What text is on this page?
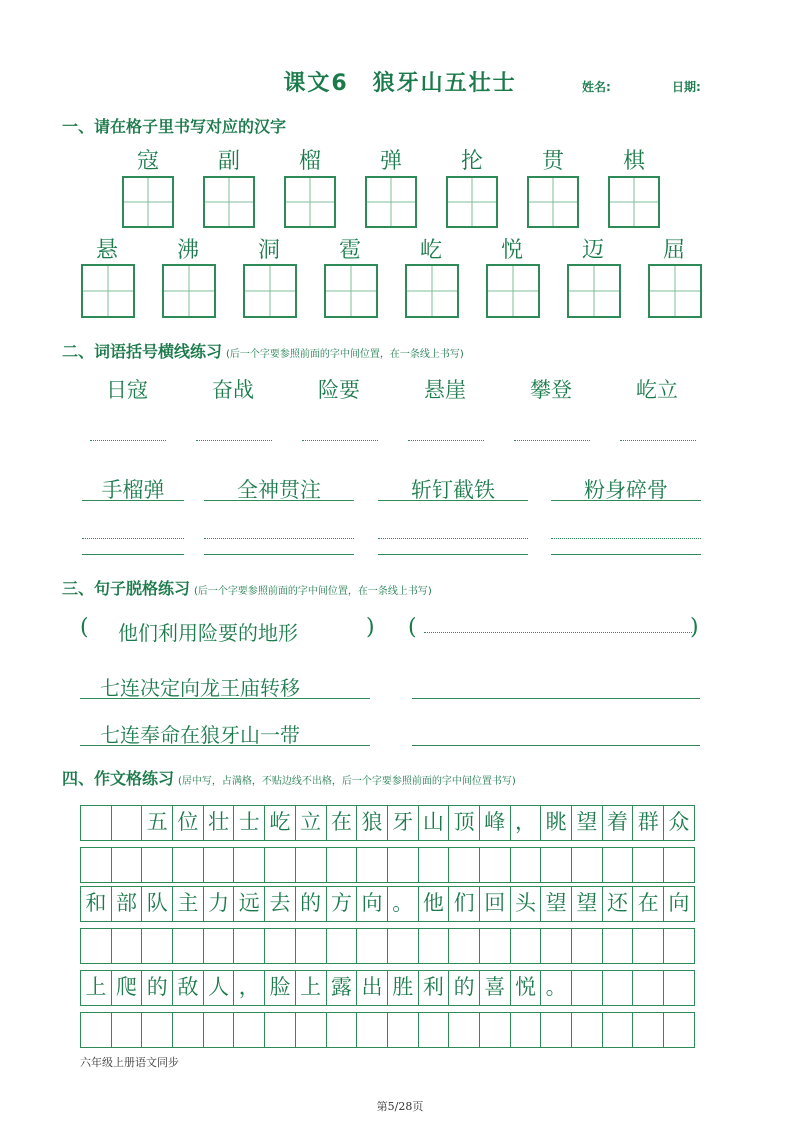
课文6　狼牙山五壮士	姓名:	日期:
一、请在格子里书写对应的汉字
寇	副	榴	弹	抡	贯	棋
悬	沸	洞	雹	屹	悦	迈	屈
二、词语括号横线练习 (后一个字要参照前面的字中间位置，在一条线上书写)
日寇	奋战	险要	悬崖	攀登	屹立
手榴弹	全神贯注	斩钉截铁	粉身碎骨
三、句子脱格练习 (后一个字要参照前面的字中间位置，在一条线上书写)
( 他们利用险要的地形	) (	)
七连决定向龙王庙转移
七连奉命在狼牙山一带
四、作文格练习 (居中写，占满格，不贴边线不出格，后一个字要参照前面的字中间位置书写)
五 位 壮 士 屹 立 在 狼 牙 山 顶 峰 ， 眺 望 着 群 众
和 部 队 主 力 远 去 的 方 向 。 他 们 回 头 望 望 还 在 向
上 爬 的 敌 人 ， 脸 上 露 出 胜 利 的 喜 悦 。
六年级上册语文同步
第5/28页
